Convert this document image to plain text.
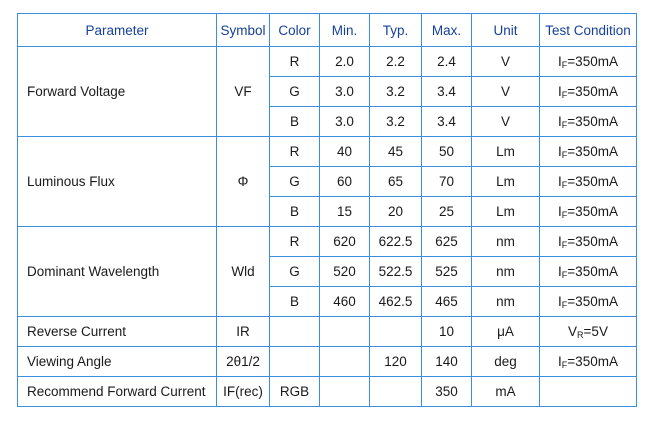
Parameter	Symbol	Color	Min.	Typ.	Max.	Unit	Test Condition
Forward Voltage	VF	R	2.0	2.2	2.4	V	$I_F=350mA$
		G	3.0	3.2	3.4	V	$I_F=350mA$
		B	3.0	3.2	3.4	V	$I_F=350mA$
Luminous Flux	Φ	R	40	45	50	Lm	$I_F=350mA$
		G	60	65	70	Lm	$I_F=350mA$
		B	15	20	25	Lm	$I_F=350mA$
Dominant Wavelength	Wld	R	620	622.5	625	nm	$I_F=350mA$
		G	520	522.5	525	nm	$I_F=350mA$
		B	460	462.5	465	nm	$I_F=350mA$
Reverse Current	IR				10	μA	$V_R=5V$
Viewing Angle	2θ1/2			120	140	deg	$I_F=350mA$
Recommend Forward Current	IF(rec)	RGB			350	mA	
